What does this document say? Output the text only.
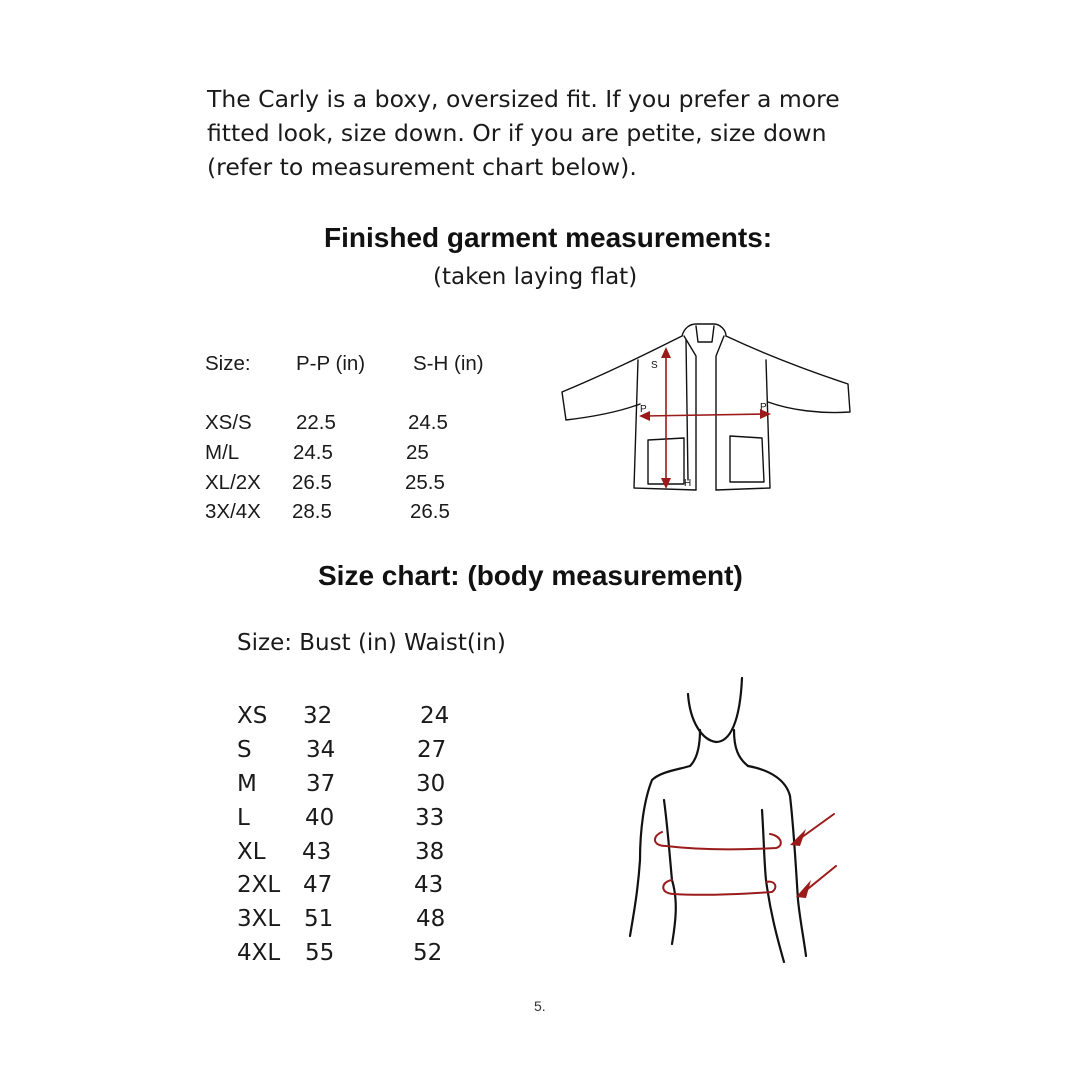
The Carly is a boxy, oversized fit. If you prefer a more
fitted look, size down. Or if you are petite, size down
(refer to measurement chart below).
Finished garment measurements:
(taken laying flat)
Size: P-P (in) S-H (in)
XS/S 22.5	24.5
M/L	24.5	25
XL/2X 26.5	25.5
3X/4X 28.5	26.5
S
P	P
H
Size chart: (body measurement)
Size: Bust (in) Waist(in)
XS 32	24
S 34	27
M 37	30
L 40	33
XL 43	38
2XL 47	43
3XL 51	48
4XL 55	52
5.
